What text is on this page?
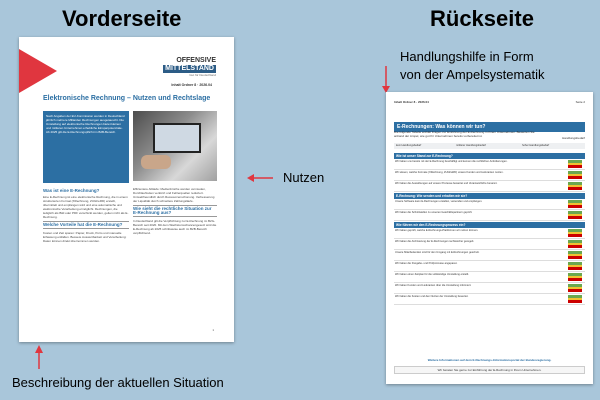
Vorderseite	Rückseite
Handlungshilfe in Form
von der Ampelsystematik
Nutzen
Beschreibung der aktuellen Situation
OFFENSIVE
MITTELSTAND
Gut für Deutschland
Inhalt Ordner 8 · 2026.04
Elektronische Rechnung – Nutzen und Rechtslage
Nach Angaben der EU-Kommission werden in Deutschland jährlich mehrere Milliarden Rechnungen ausgetauscht. Die Umstellung auf elektronische Rechnungen bietet kleinen und mittleren Unternehmen erhebliche Einsparpotenziale. Ab 2025 gilt die E-Rechnungspflicht im B2B-Bereich.
Was ist eine E-Rechnung?
Eine E-Rechnung ist eine elektronische Rechnung, die in einem strukturierten Format (XRechnung, ZUGFeRD) erstellt, übermittelt und empfangen wird und eine automatische und elektronische Verarbeitung ermöglicht. Rechnungen, die lediglich als Bild oder PDF verschickt werden, gelten nicht als E-Rechnung.
Welche Vorteile hat die E-Rechnung?
Kosten und Zeit sparen: Papier, Druck, Porto und manuelle Erfassung entfallen. Bessere Auswertbarkeit und Verarbeitung: Daten können direkt übernommen werden.
Effizientere Abläufe: Medienbrüche werden vermieden, Durchlaufzeiten verkürzt und Fehlerquellen reduziert. Umweltfreundlich durch Ressourcenschonung. Verbesserung der Liquidität durch schnellere Zahlungsläufe.
Wie sieht die rechtliche Situation zur E-Rechnung aus?
In Deutschland gilt die Verpflichtung zur E-Rechnung im B2G-Bereich seit 2020. Mit dem Wachstumschancengesetz wird die E-Rechnung ab 2025 schrittweise auch im B2B-Bereich verpflichtend.
1
Inhalt Ordner 8 · 2026.04	Seite 2
E-Rechnungen: Was können wir tun?
Die folgende Tabelle enthält Fragen zur Einführung der E-Rechnung in Ihrem Unternehmen. Bewerten Sie anhand der Ampel, wie gut Ihr Unternehmen bereits vorbereitet ist.
Handlungsbedarf
kein Handlungsbedarf	mittlerer Handlungsbedarf	hoher Handlungsbedarf
Wie ist unser Stand zur E-Rechnung?
Wir haben uns bereits mit der E-Rechnung beschäftigt und kennen die rechtlichen Anforderungen.
Wir wissen, welche Formate (XRechnung, ZUGFeRD) unsere Kunden und Lieferanten nutzen.
Wir haben die Auswirkungen auf unsere Prozesse bewertet und Verantwortliche benannt.
E-Rechnung: Wie senden und erhalten wir sie?
Unsere Software kann E-Rechnungen erstellen, versenden und empfangen.
Wir haben die Schnittstellen zu unseren Geschäftspartnern geprüft.
Wie führen wir den E-Rechnungsprozess ein?
Wir haben geprüft, welche E-Rechnungs-Plattformen wir nutzen können.
Wir haben die Archivierung der E-Rechnungen rechtssicher geregelt.
Unsere Mitarbeitenden sind für den Umgang mit E-Rechnungen geschult.
Wir haben die Freigabe- und Prüfprozesse angepasst.
Wir haben einen Zeitplan für die vollständige Umstellung erstellt.
Wir haben Kunden und Lieferanten über die Umstellung informiert.
Wir haben die Kosten und den Nutzen der Umstellung bewertet.
Weitere Informationen auf dem E-Rechnungs-Informationsportal der Bundesregierung.
Wir beraten Sie gerne zur Einführung der E-Rechnung in Ihrem Unternehmen.
